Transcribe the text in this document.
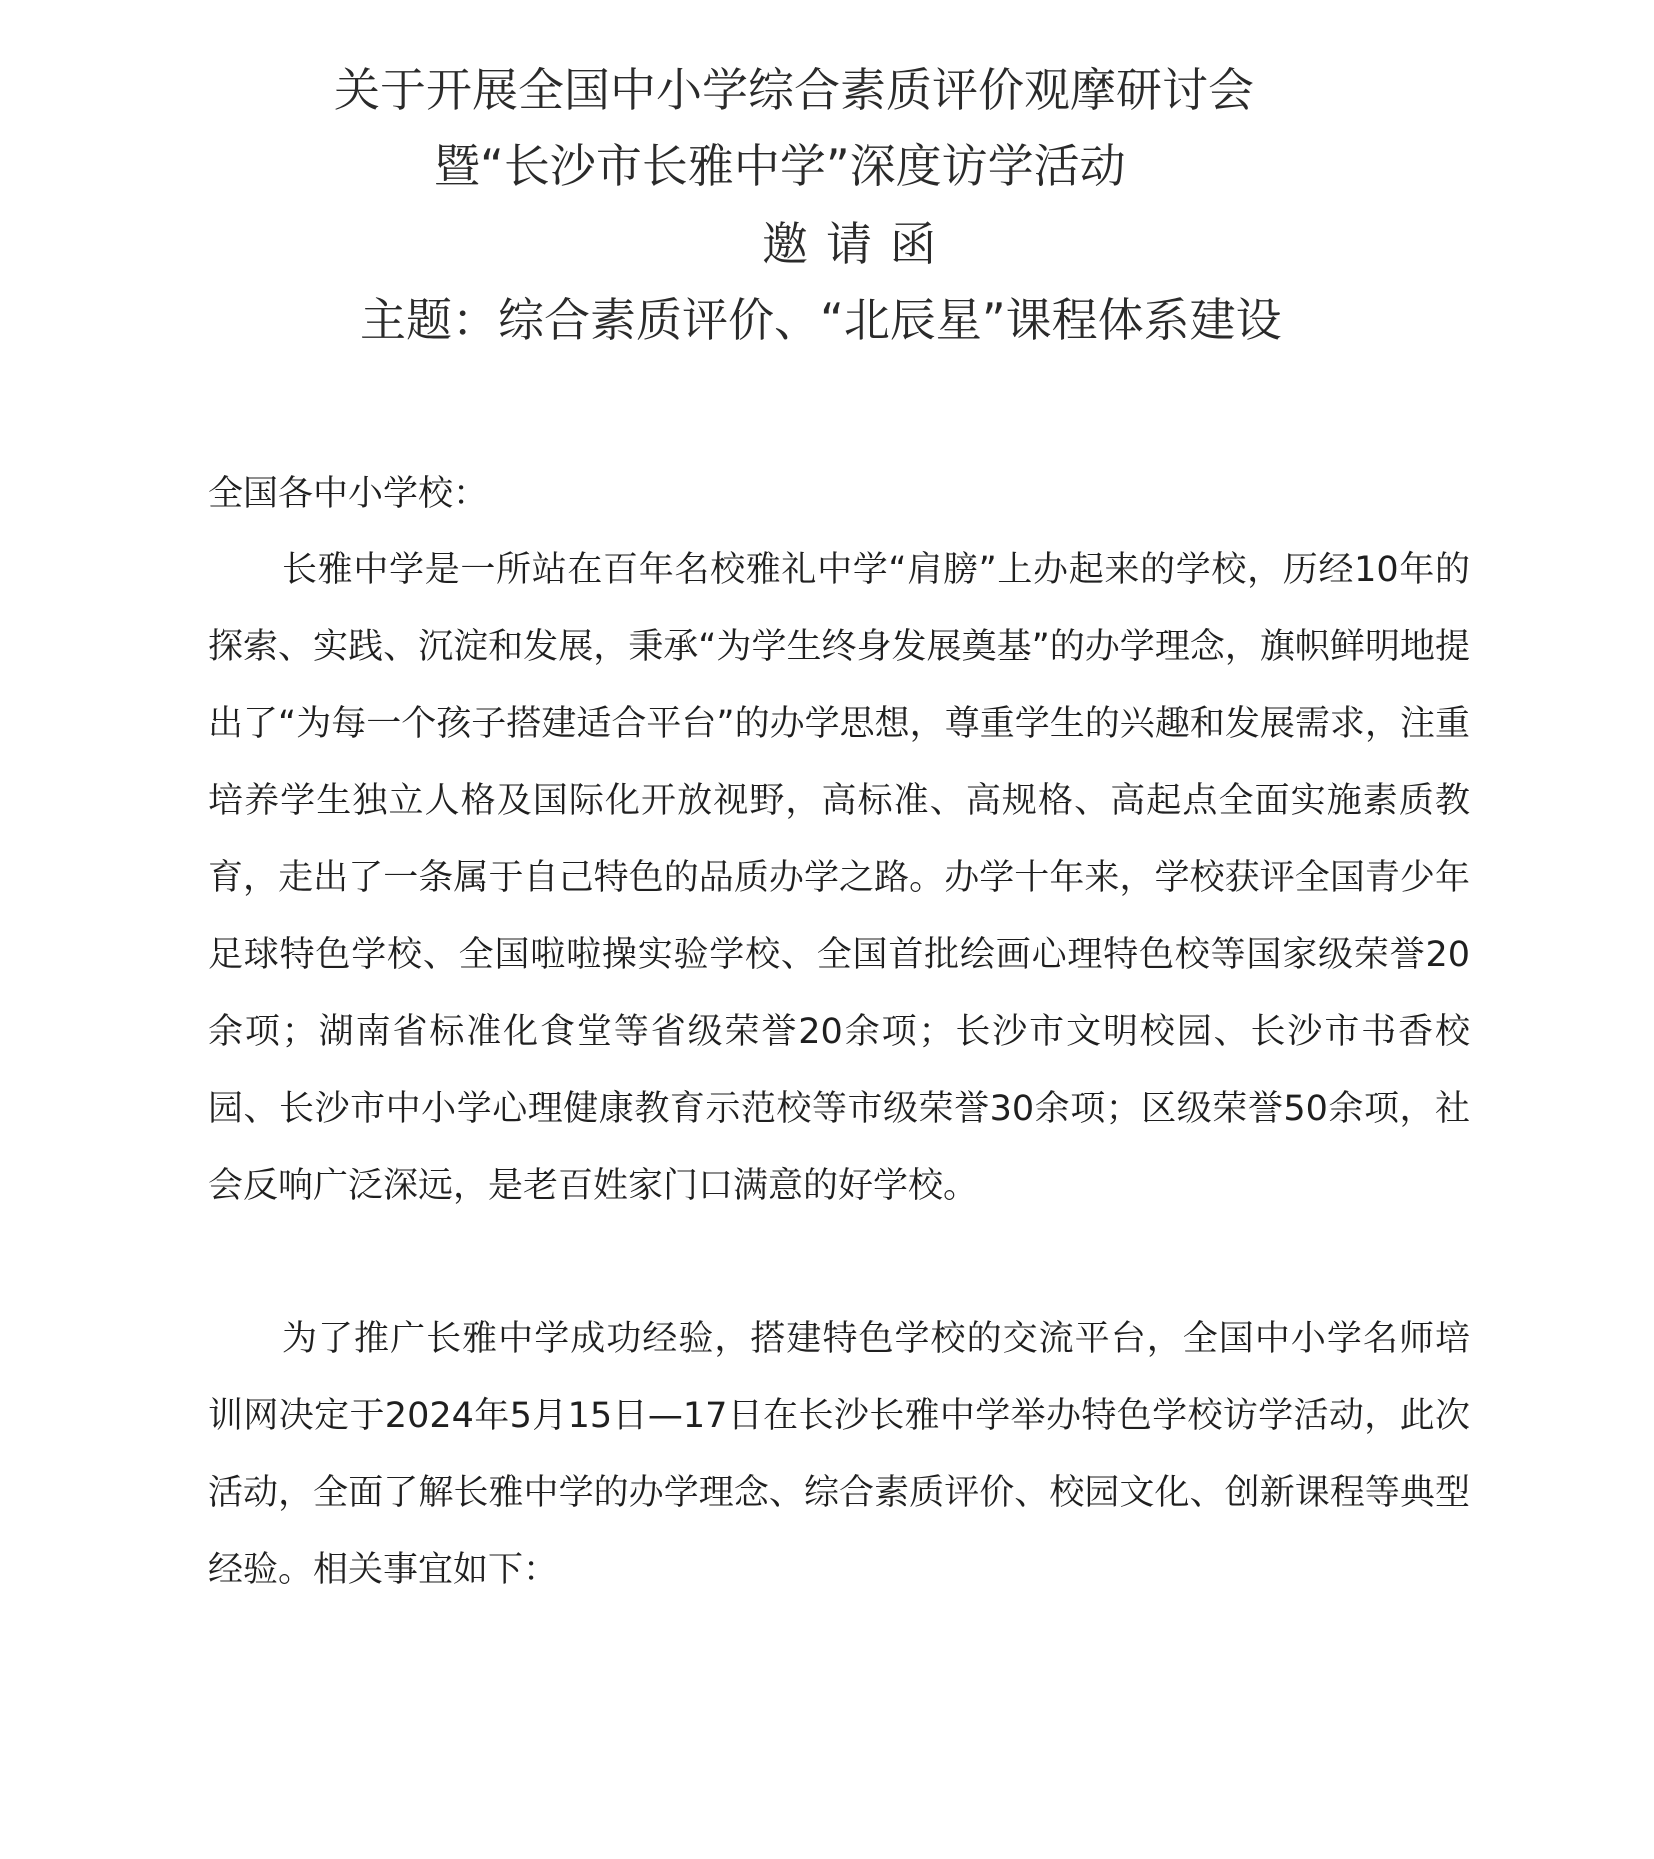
关于开展全国中小学综合素质评价观摩研讨会
暨“长沙市长雅中学”深度访学活动
邀请函
主题：综合素质评价、“北辰星”课程体系建设

全国各中小学校：

长雅中学是一所站在百年名校雅礼中学“肩膀”上办起来的学校，历经10年的探索、实践、沉淀和发展，秉承“为学生终身发展奠基”的办学理念，旗帜鲜明地提出了“为每一个孩子搭建适合平台”的办学思想，尊重学生的兴趣和发展需求，注重培养学生独立人格及国际化开放视野，高标准、高规格、高起点全面实施素质教育，走出了一条属于自己特色的品质办学之路。办学十年来，学校获评全国青少年足球特色学校、全国啦啦操实验学校、全国首批绘画心理特色校等国家级荣誉20余项；湖南省标准化食堂等省级荣誉20余项；长沙市文明校园、长沙市书香校园、长沙市中小学心理健康教育示范校等市级荣誉30余项；区级荣誉50余项，社会反响广泛深远，是老百姓家门口满意的好学校。

为了推广长雅中学成功经验，搭建特色学校的交流平台，全国中小学名师培训网决定于2024年5月15日—17日在长沙长雅中学举办特色学校访学活动，此次活动，全面了解长雅中学的办学理念、综合素质评价、校园文化、创新课程等典型经验。相关事宜如下：
